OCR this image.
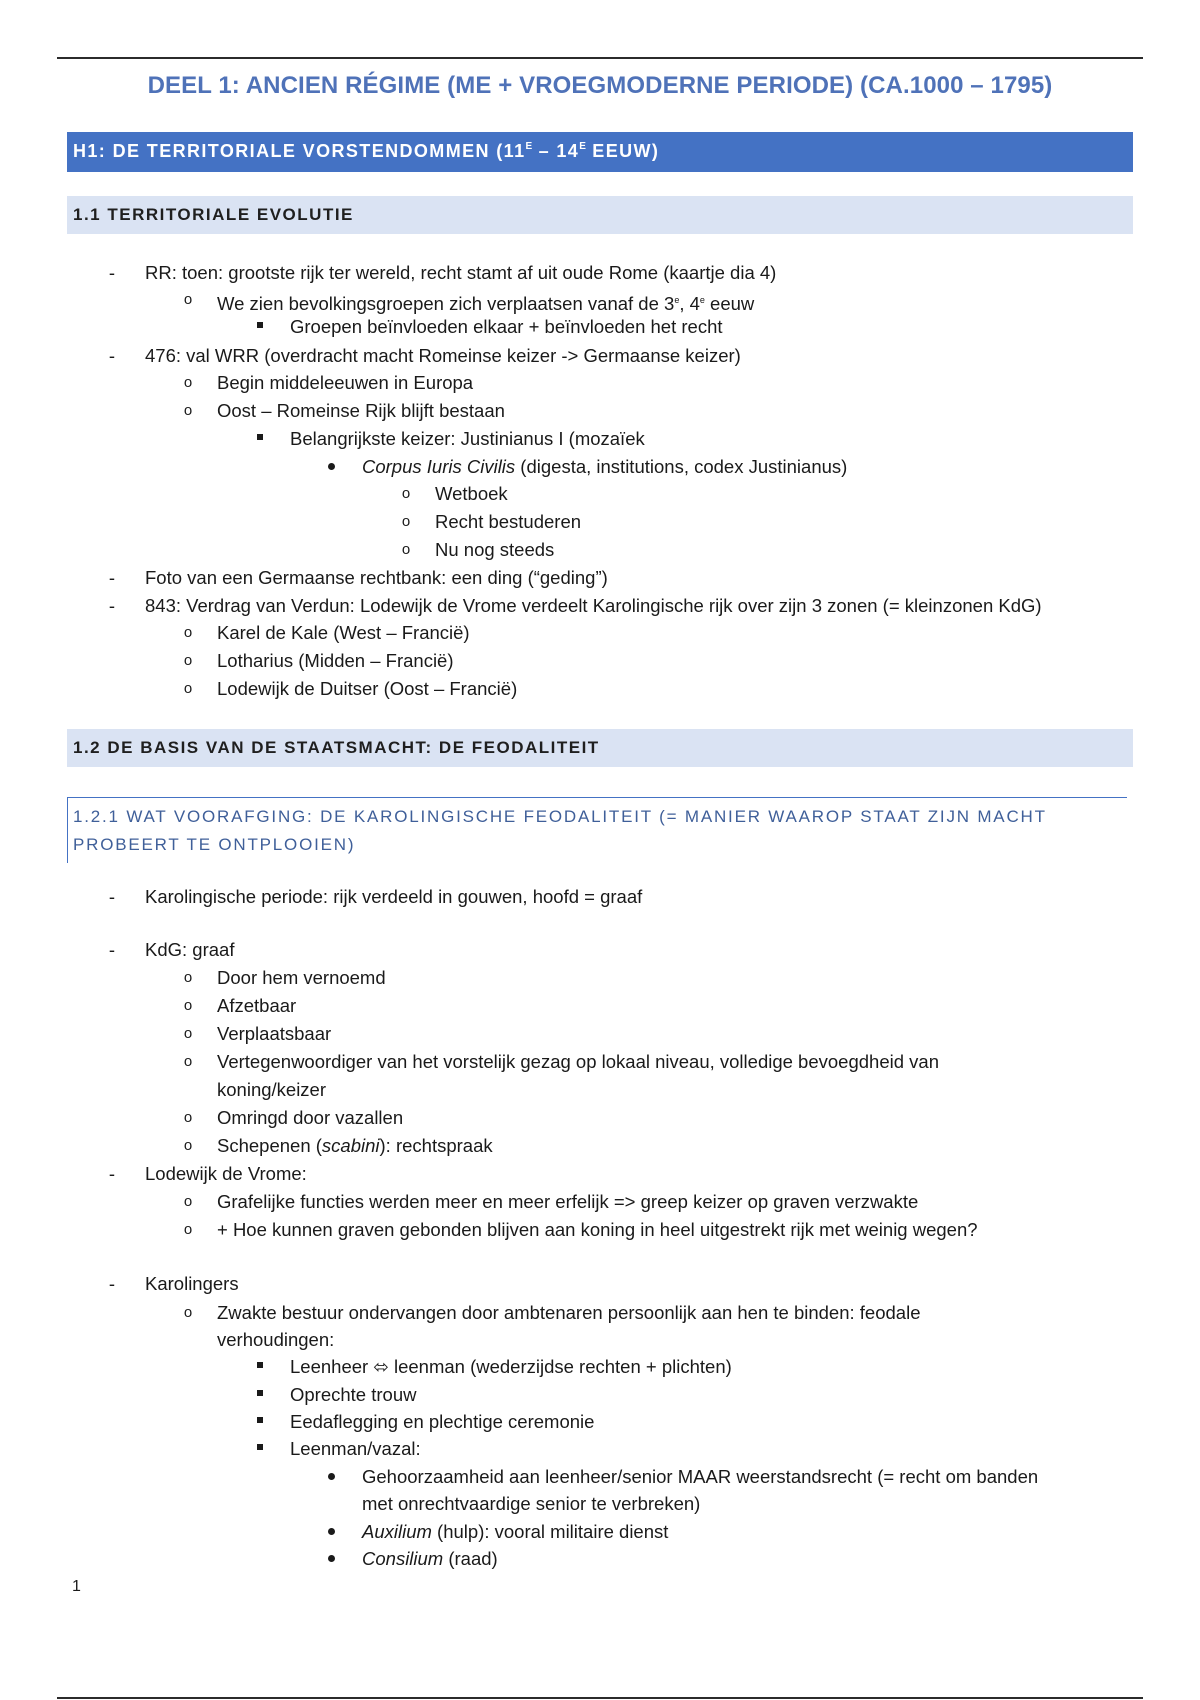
DEEL 1: ANCIEN RÉGIME (ME + VROEGMODERNE PERIODE) (CA.1000 – 1795)
H1: DE TERRITORIALE VORSTENDOMMEN ($11^E - 14^E$ EEUW)
1.1 TERRITORIALE EVOLUTIE
-	RR: toen: grootste rijk ter wereld, recht stamt af uit oude Rome (kaartje dia 4)
o	We zien bevolkingsgroepen zich verplaatsen vanaf de 3e, 4e eeuw
Groepen beïnvloeden elkaar + beïnvloeden het recht
-	476: val WRR (overdracht macht Romeinse keizer -> Germaanse keizer)
o	Begin middeleeuwen in Europa
o	Oost – Romeinse Rijk blijft bestaan
Belangrijkste keizer: Justinianus I (mozaïek
Corpus Iuris Civilis (digesta, institutions, codex Justinianus)
o	Wetboek
o	Recht bestuderen
o	Nu nog steeds
-	Foto van een Germaanse rechtbank: een ding (“geding”)
-	843: Verdrag van Verdun: Lodewijk de Vrome verdeelt Karolingische rijk over zijn 3 zonen (= kleinzonen KdG)
o	Karel de Kale (West – Francië)
o	Lotharius (Midden – Francië)
o	Lodewijk de Duitser (Oost – Francië)
1.2 DE BASIS VAN DE STAATSMACHT: DE FEODALITEIT
1.2.1 WAT VOORAFGING: DE KAROLINGISCHE FEODALITEIT (= MANIER WAAROP STAAT ZIJN MACHT
PROBEERT TE ONTPLOOIEN)
-	Karolingische periode: rijk verdeeld in gouwen, hoofd = graaf
-	KdG: graaf
o	Door hem vernoemd
o	Afzetbaar
o	Verplaatsbaar
o	Vertegenwoordiger van het vorstelijk gezag op lokaal niveau, volledige bevoegdheid van
koning/keizer
o	Omringd door vazallen
o	Schepenen (scabini): rechtspraak
-	Lodewijk de Vrome:
o	Grafelijke functies werden meer en meer erfelijk => greep keizer op graven verzwakte
o	+ Hoe kunnen graven gebonden blijven aan koning in heel uitgestrekt rijk met weinig wegen?
-	Karolingers
o	Zwakte bestuur ondervangen door ambtenaren persoonlijk aan hen te binden: feodale
verhoudingen:
Leenheer ⬄ leenman (wederzijdse rechten + plichten)
Oprechte trouw
Eedaflegging en plechtige ceremonie
Leenman/vazal:
Gehoorzaamheid aan leenheer/senior MAAR weerstandsrecht (= recht om banden
met onrechtvaardige senior te verbreken)
Auxilium (hulp): vooral militaire dienst
Consilium (raad)
1
